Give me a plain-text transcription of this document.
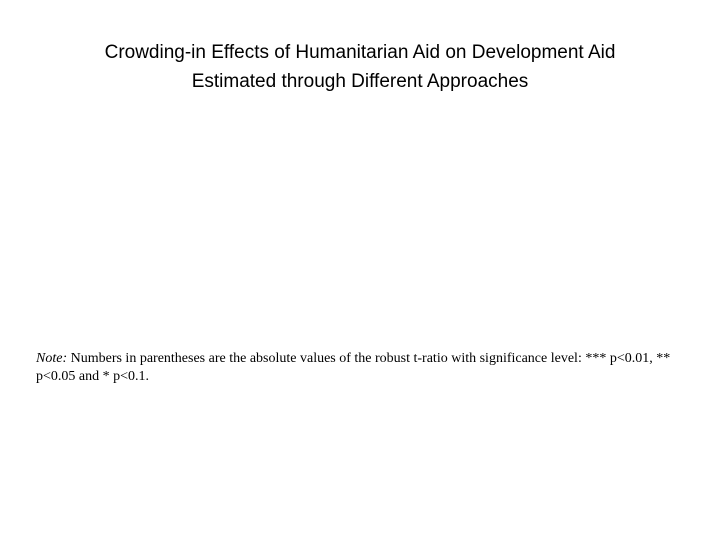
Crowding-in Effects of Humanitarian Aid on Development Aid
Estimated through Different Approaches

Note: Numbers in parentheses are the absolute values of the robust t-ratio with significance level: *** p<0.01, ** p<0.05 and * p<0.1.
